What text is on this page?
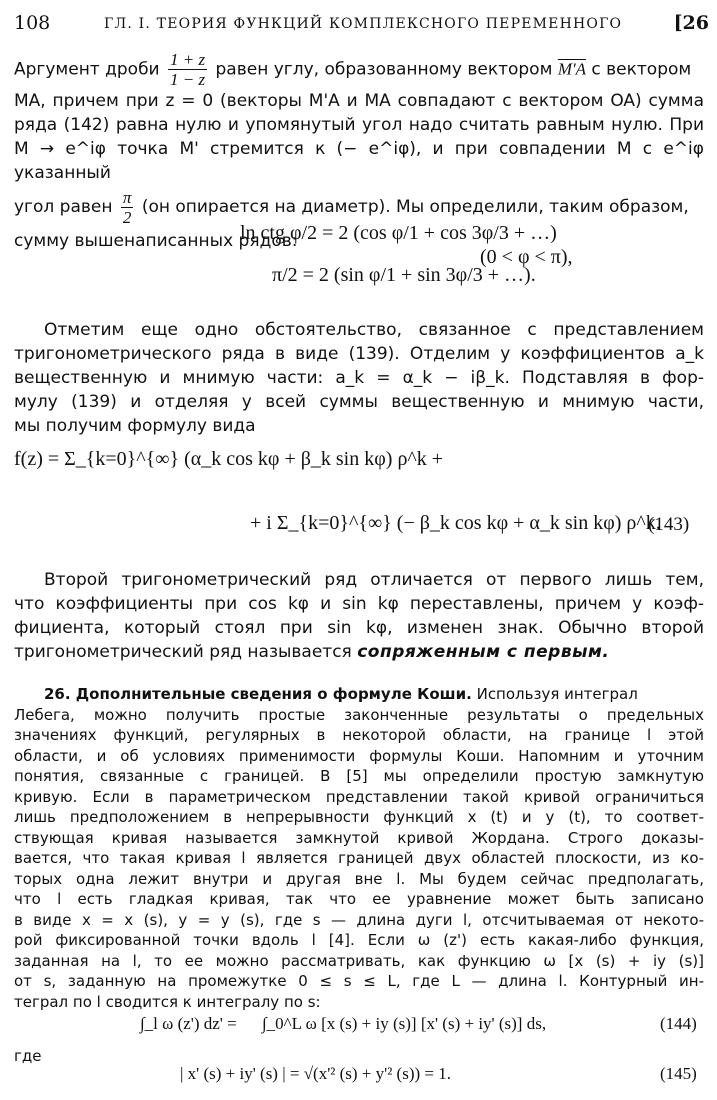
108	ГЛ. I. ТЕОРИЯ ФУНКЦИЙ КОМПЛЕКСНОГО ПЕРЕМЕННОГО	[26
Аргумент дроби $\frac{1 + z}{1 - z}$ равен углу, образованному вектором M'A с вектором
MA, причем при z = 0 (векторы M'A и MA совпадают с вектором OA) сумма
ряда (142) равна нулю и упомянутый угол надо считать равным нулю. При
M → e^iφ точка M' стремится к (− e^iφ), и при совпадении M с e^iφ указанный
угол равен $\frac{\pi}{2} (он$ опирается на диаметр). Мы определили, таким образом,
сумму вышенаписанных рядов:
ln ctg φ/2 = 2 (cos φ/1 + cos 3φ/3 + …)
π/2 = 2 (sin φ/1 + sin 3φ/3 + …).
(0 < φ < π),
Отметим еще одно обстоятельство, связанное с представлением
тригонометрического ряда в виде (139). Отделим у коэффициентов a_k
вещественную и мнимую части: a_k = α_k − iβ_k. Подставляя в фор-
мулу (139) и отделяя у всей суммы вещественную и мнимую части,
мы получим формулу вида
f(z) = Σ_{k=0}^{∞} (α_k cos kφ + β_k sin kφ) ρ^k +
+ i Σ_{k=0}^{∞} (− β_k cos kφ + α_k sin kφ) ρ^k.
(143)
Второй тригонометрический ряд отличается от первого лишь тем,
что коэффициенты при cos kφ и sin kφ переставлены, причем у коэф-
фициента, который стоял при sin kφ, изменен знак. Обычно второй
тригонометрический ряд называется сопряженным с первым.
26. Дополнительные сведения о формуле Коши. Используя интеграл
Лебега, можно получить простые законченные результаты о предельных
значениях функций, регулярных в некоторой области, на границе l этой
области, и об условиях применимости формулы Коши. Напомним и уточним
понятия, связанные с границей. В [5] мы определили простую замкнутую
кривую. Если в параметрическом представлении такой кривой ограничиться
лишь предположением в непрерывности функций x (t) и y (t), то соответ-
ствующая кривая называется замкнутой кривой Жордана. Строго доказы-
вается, что такая кривая l является границей двух областей плоскости, из ко-
торых одна лежит внутри и другая вне l. Мы будем сейчас предполагать,
что l есть гладкая кривая, так что ее уравнение может быть записано
в виде x = x (s), y = y (s), где s — длина дуги l, отсчитываемая от некото-
рой фиксированной точки вдоль l [4]. Если ω (z') есть какая-либо функция,
заданная на l, то ее можно рассматривать, как функцию ω [x (s) + iy (s)]
от s, заданную на промежутке 0 ≤ s ≤ L, где L — длина l. Контурный ин-
теграл по l сводится к интегралу по s:
∫_l ω (z') dz' = ∫_0^L ω [x (s) + iy (s)] [x' (s) + iy' (s)] ds,	(144)
где
| x' (s) + iy' (s) | = √(x'² (s) + y'² (s)) = 1.	(145)
